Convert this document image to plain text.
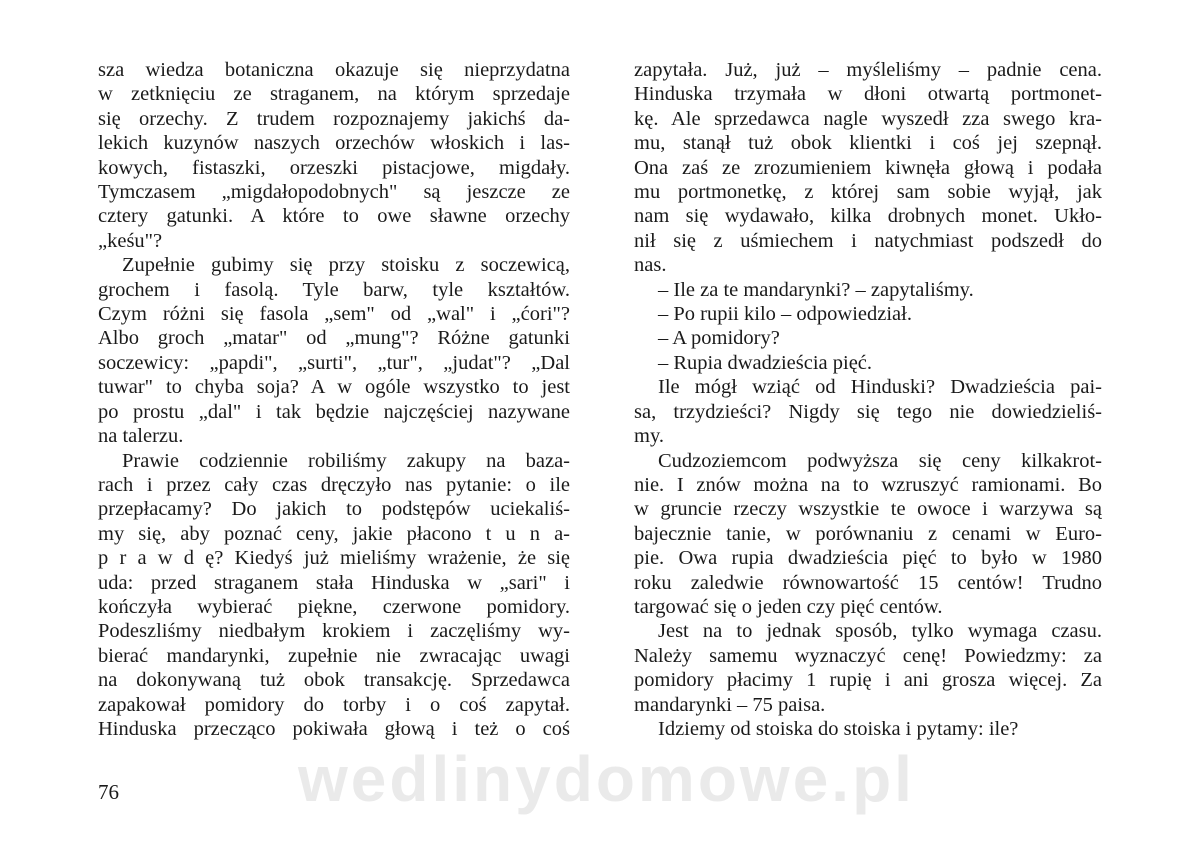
sza wiedza botaniczna okazuje się nieprzydatna
w zetknięciu ze straganem, na którym sprzedaje
się orzechy. Z trudem rozpoznajemy jakichś da-
lekich kuzynów naszych orzechów włoskich i las-
kowych, fistaszki, orzeszki pistacjowe, migdały.
Tymczasem „migdałopodobnych" są jeszcze ze
cztery gatunki. A które to owe sławne orzechy
„keśu"?
Zupełnie gubimy się przy stoisku z soczewicą,
grochem i fasolą. Tyle barw, tyle kształtów.
Czym różni się fasola „sem" od „wal" i „ćori"?
Albo groch „matar" od „mung"? Różne gatunki
soczewicy: „papdi", „surti", „tur", „judat"? „Dal
tuwar" to chyba soja? A w ogóle wszystko to jest
po prostu „dal" i tak będzie najczęściej nazywane
na talerzu.
Prawie codziennie robiliśmy zakupy na baza-
rach i przez cały czas dręczyło nas pytanie: o ile
przepłacamy? Do jakich to podstępów uciekaliś-
my się, aby poznać ceny, jakie płacono t u n a-
p r a w d ę? Kiedyś już mieliśmy wrażenie, że się
uda: przed straganem stała Hinduska w „sari" i
kończyła wybierać piękne, czerwone pomidory.
Podeszliśmy niedbałym krokiem i zaczęliśmy wy-
bierać mandarynki, zupełnie nie zwracając uwagi
na dokonywaną tuż obok transakcję. Sprzedawca
zapakował pomidory do torby i o coś zapytał.
Hinduska przecząco pokiwała głową i też o coś
zapytała. Już, już – myśleliśmy – padnie cena.
Hinduska trzymała w dłoni otwartą portmonet-
kę. Ale sprzedawca nagle wyszedł zza swego kra-
mu, stanął tuż obok klientki i coś jej szepnął.
Ona zaś ze zrozumieniem kiwnęła głową i podała
mu portmonetkę, z której sam sobie wyjął, jak
nam się wydawało, kilka drobnych monet. Ukło-
nił się z uśmiechem i natychmiast podszedł do
nas.
– Ile za te mandarynki? – zapytaliśmy.
– Po rupii kilo – odpowiedział.
– A pomidory?
– Rupia dwadzieścia pięć.
Ile mógł wziąć od Hinduski? Dwadzieścia pai-
sa, trzydzieści? Nigdy się tego nie dowiedzieliś-
my.
Cudzoziemcom podwyższa się ceny kilkakrot-
nie. I znów można na to wzruszyć ramionami. Bo
w gruncie rzeczy wszystkie te owoce i warzywa są
bajecznie tanie, w porównaniu z cenami w Euro-
pie. Owa rupia dwadzieścia pięć to było w 1980
roku zaledwie równowartość 15 centów! Trudno
targować się o jeden czy pięć centów.
Jest na to jednak sposób, tylko wymaga czasu.
Należy samemu wyznaczyć cenę! Powiedzmy: za
pomidory płacimy 1 rupię i ani grosza więcej. Za
mandarynki – 75 paisa.
Idziemy od stoiska do stoiska i pytamy: ile?
wedlinydomowe.pl
76
